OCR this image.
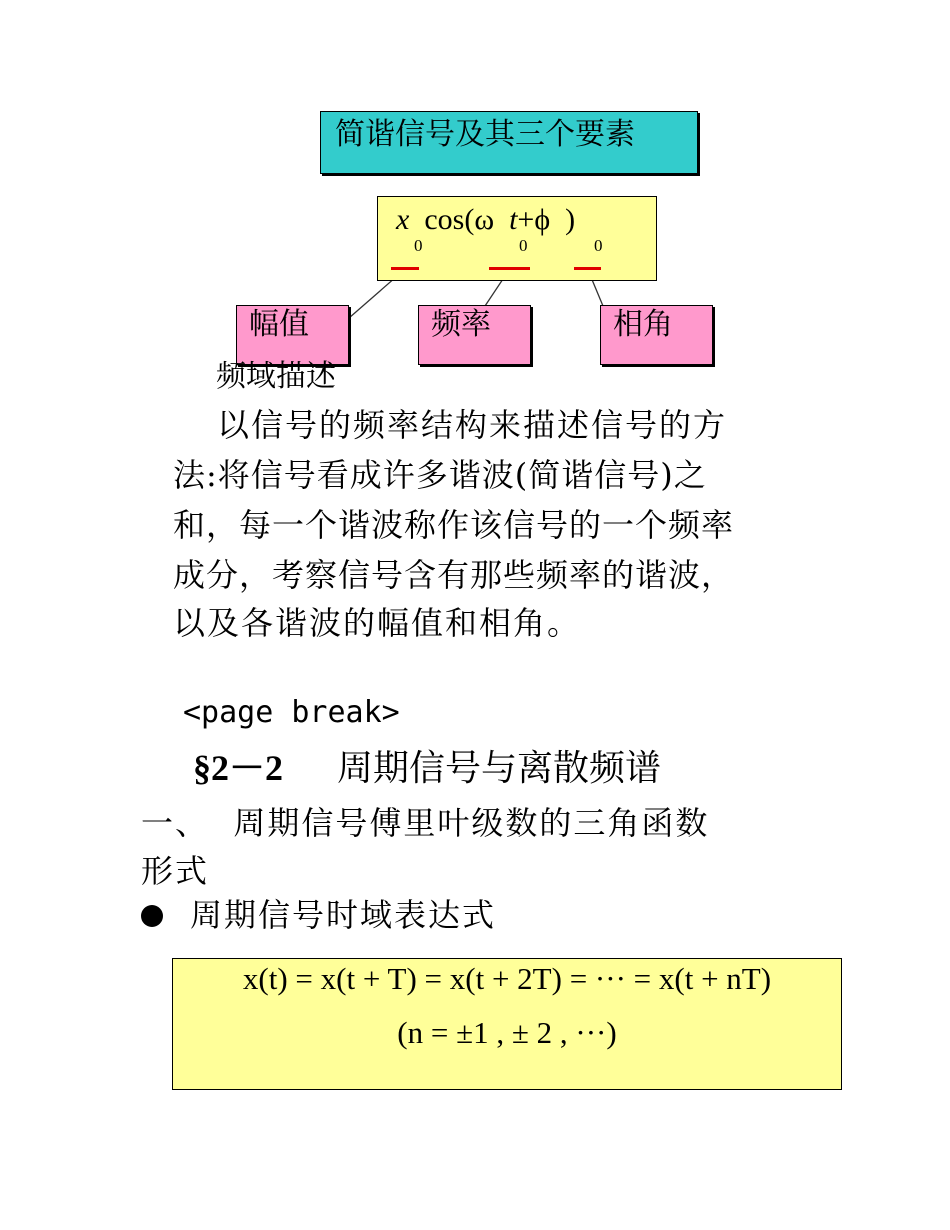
简谐信号及其三个要素
x  cos(ω  t+ϕ  )
0	0	0
幅值	频率	相角
频域描述
以信号的频率结构来描述信号的方
法:将信号看成许多谐波(简谐信号)之
和，每一个谐波称作该信号的一个频率
成分，考察信号含有那些频率的谐波，
以及各谐波的幅值和相角。
<page break>
§2－2   周期信号与离散频谱
一、  周期信号傅里叶级数的三角函数
形式
周期信号时域表达式
x(t) = x(t + T) = x(t + 2T) = ··· = x(t + nT)
(n = ±1 , ± 2 , ···)
